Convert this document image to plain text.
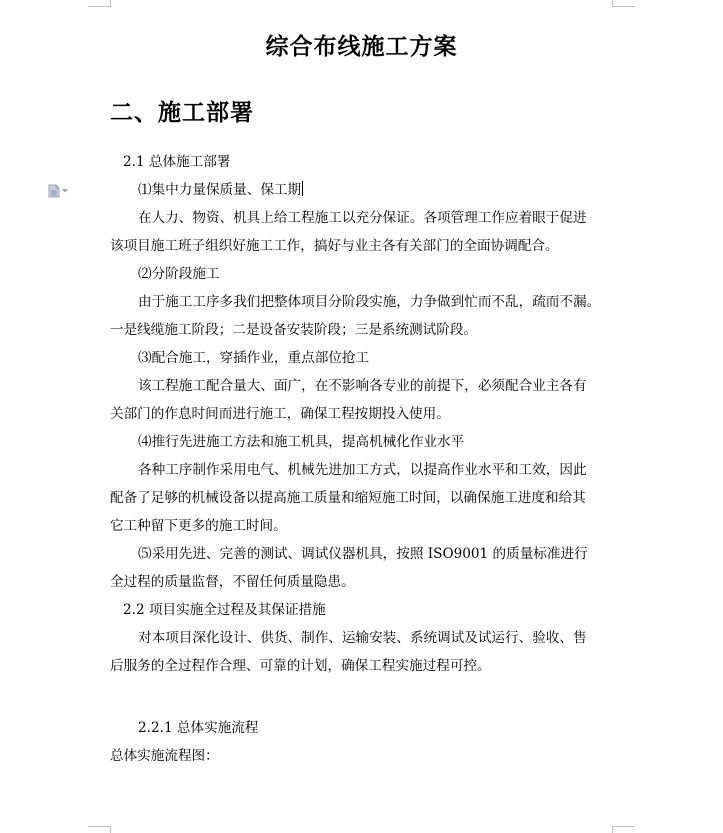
综合布线施工方案
二、施工部署
2.1 总体施工部署
⑴集中力量保质量、保工期
在人力、物资、机具上给工程施工以充分保证。各项管理工作应着眼于促进
该项目施工班子组织好施工工作，搞好与业主各有关部门的全面协调配合。
⑵分阶段施工
由于施工工序多我们把整体项目分阶段实施，力争做到忙而不乱，疏而不漏。
一是线缆施工阶段；二是设备安装阶段；三是系统测试阶段。
⑶配合施工，穿插作业，重点部位抢工
该工程施工配合量大、面广，在不影响各专业的前提下，必须配合业主各有
关部门的作息时间而进行施工，确保工程按期投入使用。
⑷推行先进施工方法和施工机具，提高机械化作业水平
各种工序制作采用电气、机械先进加工方式，以提高作业水平和工效，因此
配备了足够的机械设备以提高施工质量和缩短施工时间，以确保施工进度和给其
它工种留下更多的施工时间。
⑸采用先进、完善的测试、调试仪器机具，按照 ISO9001 的质量标准进行
全过程的质量监督，不留任何质量隐患。
2.2 项目实施全过程及其保证措施
对本项目深化设计、供货、制作、运输安装、系统调试及试运行、验收、售
后服务的全过程作合理、可靠的计划，确保工程实施过程可控。
2.2.1 总体实施流程
总体实施流程图：
